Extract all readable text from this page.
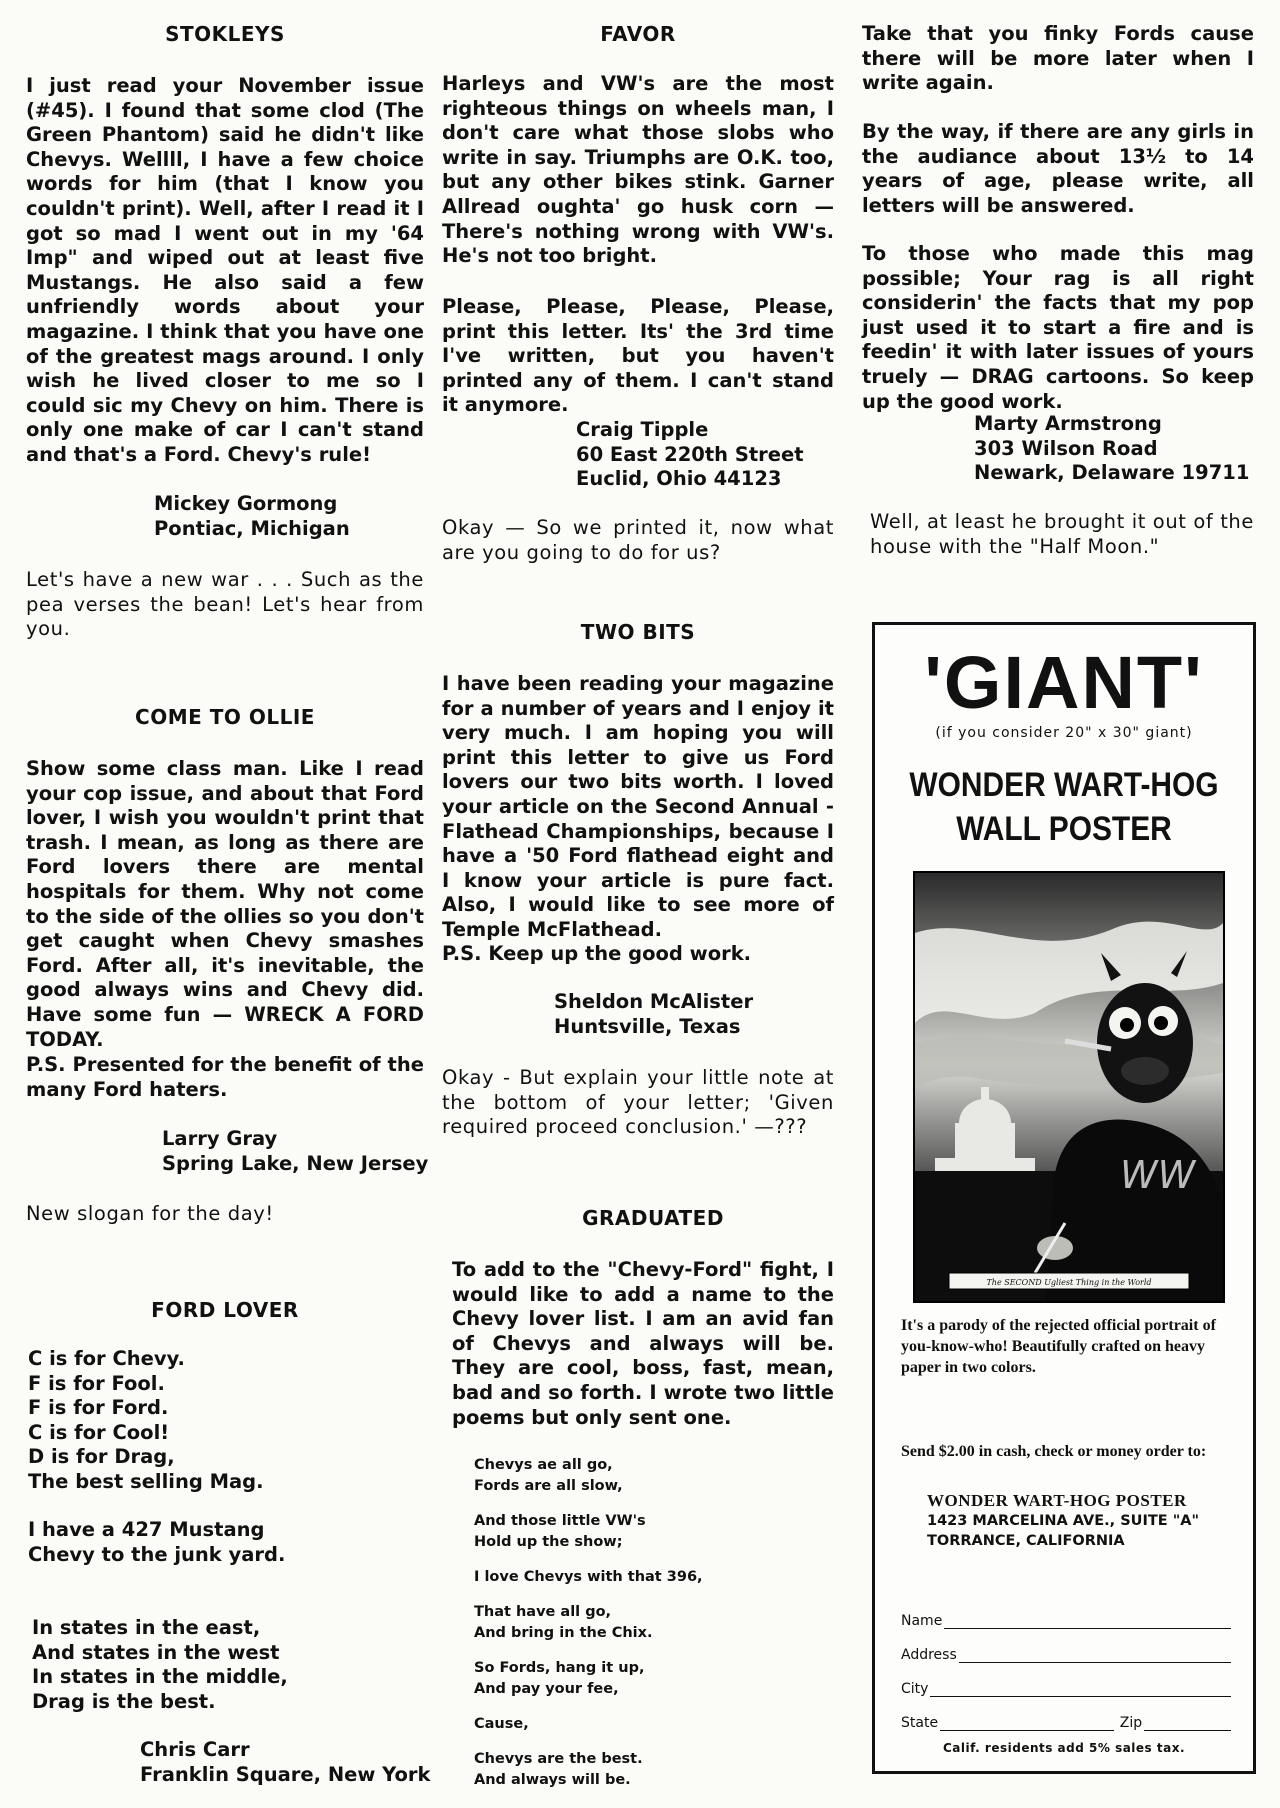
STOKLEYS

I just read your November issue (#45). I found that some clod (The Green Phantom) said he didn't like Chevys. Wellll, I have a few choice words for him (that I know you couldn't print). Well, after I read it I got so mad I went out in my '64 Imp" and wiped out at least five Mustangs. He also said a few unfriendly words about your magazine. I think that you have one of the greatest mags around. I only wish he lived closer to me so I could sic my Chevy on him. There is only one make of car I can't stand and that's a Ford. Chevy's rule!

Mickey Gormong
Pontiac, Michigan

Let's have a new war . . . Such as the pea verses the bean! Let's hear from you.

COME TO OLLIE

Show some class man. Like I read your cop issue, and about that Ford lover, I wish you wouldn't print that trash. I mean, as long as there are Ford lovers there are mental hospitals for them. Why not come to the side of the ollies so you don't get caught when Chevy smashes Ford. After all, it's inevitable, the good always wins and Chevy did. Have some fun — WRECK A FORD TODAY.

P.S. Presented for the benefit of the many Ford haters.

Larry Gray
Spring Lake, New Jersey

New slogan for the day!

FORD LOVER
C is for Chevy.
F is for Fool.
F is for Ford.
C is for Cool!
D is for Drag,
The best selling Mag.
I have a 427 Mustang
Chevy to the junk yard.
In states in the east,
And states in the west
In states in the middle,
Drag is the best.
Chris Carr
Franklin Square, New York
FAVOR

Harleys and VW's are the most righteous things on wheels man, I don't care what those slobs who write in say. Triumphs are O.K. too, but any other bikes stink. Garner Allread oughta' go husk corn — There's nothing wrong with VW's. He's not too bright.

Please, Please, Please, Please, print this letter. Its' the 3rd time I've written, but you haven't printed any of them. I can't stand it anymore.

Craig Tipple
60 East 220th Street
Euclid, Ohio 44123

Okay — So we printed it, now what are you going to do for us?

TWO BITS

I have been reading your magazine for a number of years and I enjoy it very much. I am hoping you will print this letter to give us Ford lovers our two bits worth. I loved your article on the Second Annual - Flathead Championships, because I have a '50 Ford flathead eight and I know your article is pure fact. Also, I would like to see more of Temple McFlathead.

P.S. Keep up the good work.

Sheldon McAlister
Huntsville, Texas

Okay - But explain your little note at the bottom of your letter; 'Given required proceed conclusion.' —???

GRADUATED

To add to the "Chevy-Ford" fight, I would like to add a name to the Chevy lover list. I am an avid fan of Chevys and always will be. They are cool, boss, fast, mean, bad and so forth. I wrote two little poems but only sent one.

Chevys ae all go,
Fords are all slow,
And those little VW's
Hold up the show;
I love Chevys with that 396,
That have all go,
And bring in the Chix.
So Fords, hang it up,
And pay your fee,
Cause,
Chevys are the best.
And always will be.

Take that you finky Fords cause there will be more later when I write again.

By the way, if there are any girls in the audiance about 13½ to 14 years of age, please write, all letters will be answered.

To those who made this mag possible; Your rag is all right considerin' the facts that my pop just used it to start a fire and is feedin' it with later issues of yours truely — DRAG cartoons. So keep up the good work.

Marty Armstrong
303 Wilson Road
Newark, Delaware 19711

Well, at least he brought it out of the house with the "Half Moon."

'GIANT'
(if you consider 20" x 30" giant)
WONDER WART-HOG
WALL POSTER
WW
The SECOND Ugliest Thing in the World
It's a parody of the rejected official portrait of you-know-who! Beautifully crafted on heavy paper in two colors.
Send $2.00 in cash, check or money order to:
WONDER WART-HOG POSTER
1423 MARCELINA AVE., SUITE "A"
TORRANCE, CALIFORNIA
Name
Address
City
State	Zip
Calif. residents add 5% sales tax.
